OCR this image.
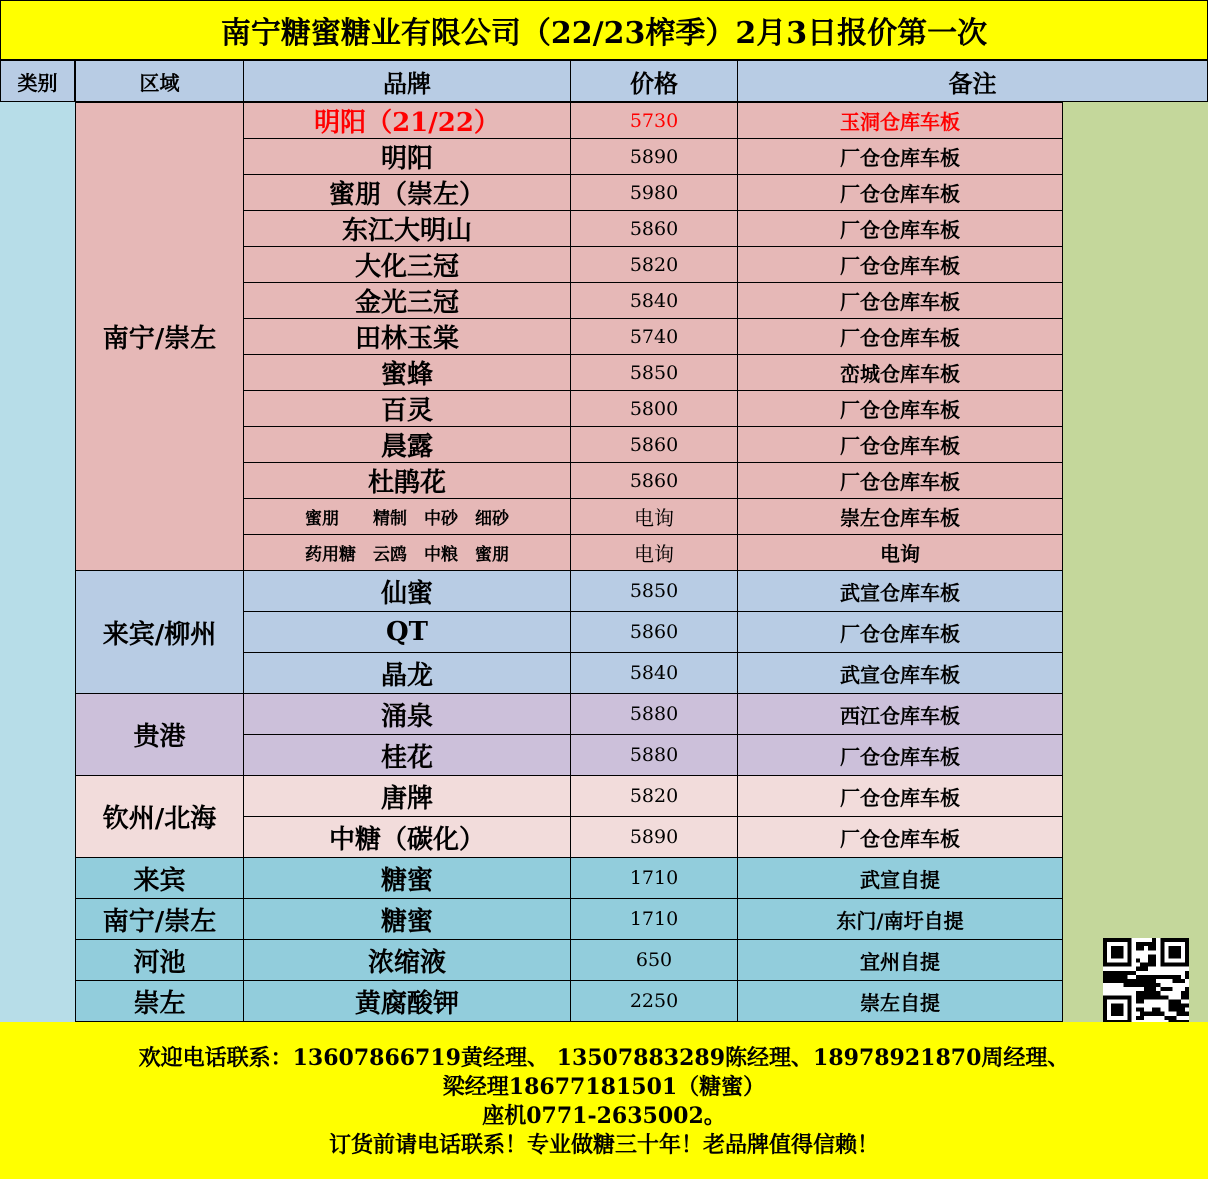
南宁糖蜜糖业有限公司（22/23榨季）2月3日报价第一次
类别	区域	品牌	价格	备注
南宁/崇左
明阳（21/22）	5730	玉洞仓库车板
明阳	5890	厂仓仓库车板
蜜朋（崇左）	5980	厂仓仓库车板
东江大明山	5860	厂仓仓库车板
大化三冠	5820	厂仓仓库车板
金光三冠	5840	厂仓仓库车板
田林玉棠	5740	厂仓仓库车板
蜜蜂	5850	峦城仓库车板
百灵	5800	厂仓仓库车板
晨露	5860	厂仓仓库车板
杜鹃花	5860	厂仓仓库车板
蜜朋　　精制　中砂　细砂	电询	崇左仓库车板
药用糖　云鸥　中粮　蜜朋	电询	电询
来宾/柳州
仙蜜	5850	武宣仓库车板
QT	5860	厂仓仓库车板
晶龙	5840	武宣仓库车板
贵港
涌泉	5880	西江仓库车板
桂花	5880	厂仓仓库车板
钦州/北海
唐牌	5820	厂仓仓库车板
中糖（碳化）	5890	厂仓仓库车板
来宾	糖蜜	1710	武宣自提
南宁/崇左	糖蜜	1710	东门/南圩自提
河池	浓缩液	650	宜州自提
崇左	黄腐酸钾	2250	崇左自提
欢迎电话联系：13607866719黄经理、 13507883289陈经理、18978921870周经理、
梁经理18677181501（糖蜜）
座机0771-2635002。
订货前请电话联系！专业做糖三十年！老品牌值得信赖！
